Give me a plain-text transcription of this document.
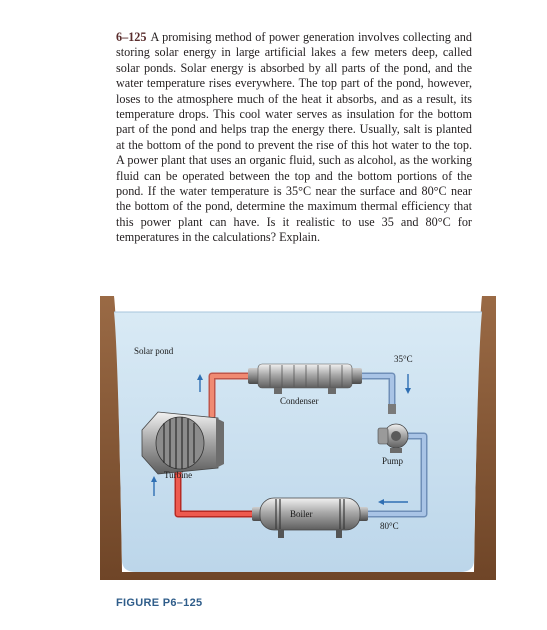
6–125 A promising method of power generation involves collecting and storing solar energy in large artificial lakes a few meters deep, called solar ponds. Solar energy is absorbed by all parts of the pond, and the water temperature rises everywhere. The top part of the pond, however, loses to the atmosphere much of the heat it absorbs, and as a result, its temperature drops. This cool water serves as insulation for the bottom part of the pond and helps trap the energy there. Usually, salt is planted at the bottom of the pond to prevent the rise of this hot water to the top. A power plant that uses an organic fluid, such as alcohol, as the working fluid can be operated between the top and the bottom portions of the pond. If the water temperature is 35°C near the surface and 80°C near the bottom of the pond, determine the maximum thermal efficiency that this power plant can have. Is it realistic to use 35 and 80°C for temperatures in the calculations? Explain.
Solar pond
Condenser
35°C
Pump
Turbine
Boiler
80°C
FIGURE P6–125
